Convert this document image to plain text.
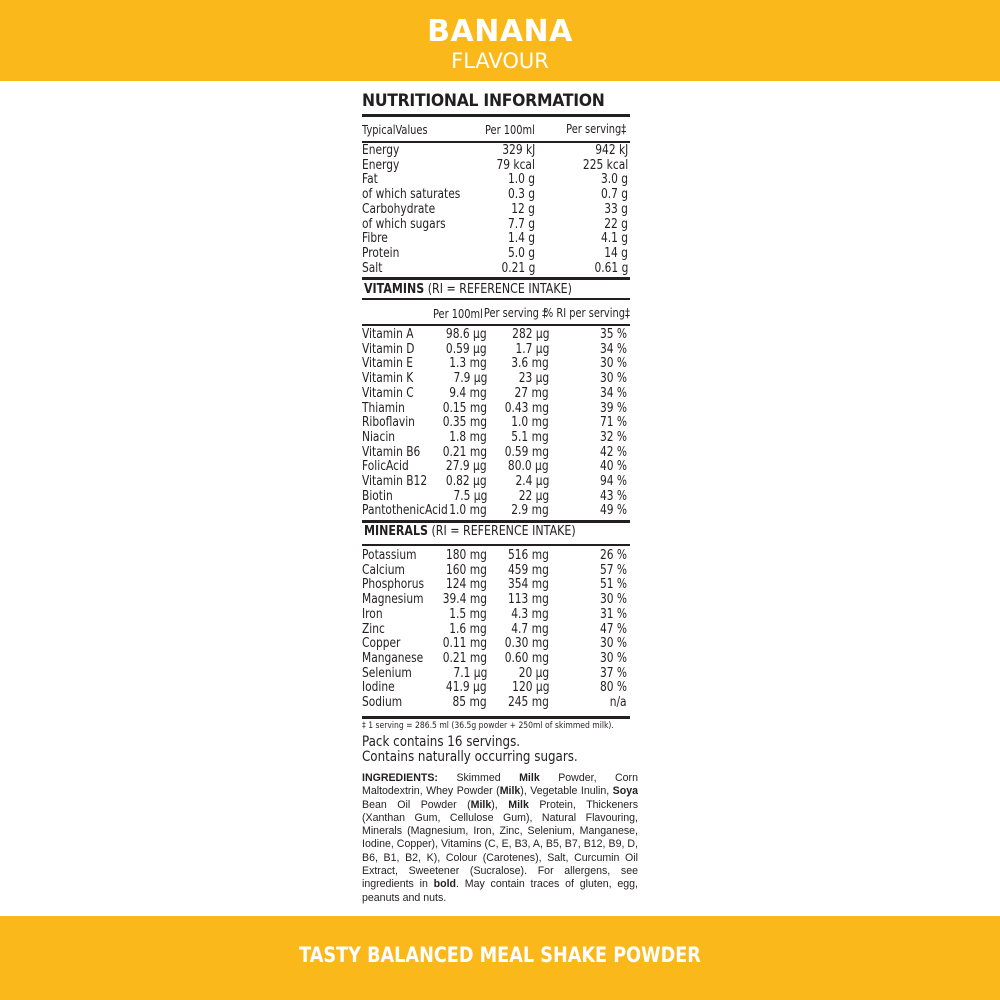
BANANA
FLAVOUR
NUTRITIONAL INFORMATION
TypicalValues	Per 100ml	Per serving‡
Energy	329 kJ	942 kJ
Energy	79 kcal	225 kcal
Fat	1.0 g	3.0 g
of which saturates	0.3 g	0.7 g
Carbohydrate	12 g	33 g
of which sugars	7.7 g	22 g
Fibre	1.4 g	4.1 g
Protein	5.0 g	14 g
Salt	0.21 g	0.61 g
VITAMINS (RI = REFERENCE INTAKE)
Per 100ml Per serving ‡
% RI per serving‡
Vitamin A	98.6 µg 282 µg	35 %
Vitamin D 0.59 µg 1.7 µg	34 %
Vitamin E	1.3 mg 3.6 mg	30 %
Vitamin K	7.9 µg 23 µg	30 %
Vitamin C	9.4 mg 27 mg	34 %
Thiamin	0.15 mg 0.43 mg	39 %
Riboflavin 0.35 mg 1.0 mg	71 %
Niacin	1.8 mg 5.1 mg	32 %
Vitamin B6 0.21 mg 0.59 mg	42 %
FolicAcid	27.9 µg 80.0 µg	40 %
Vitamin B12 0.82 µg 2.4 µg	94 %
Biotin	7.5 µg 22 µg	43 %
PantothenicAcid 1.0 mg 2.9 mg	49 %
MINERALS (RI = REFERENCE INTAKE)
Potassium 180 mg 516 mg	26 %
Calcium	160 mg 459 mg	57 %
Phosphorus 124 mg 354 mg	51 %
Magnesium 39.4 mg 113 mg	30 %
Iron	1.5 mg 4.3 mg	31 %
Zinc	1.6 mg 4.7 mg	47 %
Copper	0.11 mg 0.30 mg	30 %
Manganese 0.21 mg 0.60 mg	30 %
Selenium	7.1 µg 20 µg	37 %
Iodine	41.9 µg 120 µg	80 %
Sodium	85 mg 245 mg	n/a
‡ 1 serving = 286.5 ml (36.5g powder + 250ml of skimmed milk).
Pack contains 16 servings.
Contains naturally occurring sugars.
INGREDIENTS: Skimmed Milk Powder, Corn Maltodextrin, Whey Powder (Milk), Vegetable Inulin, Soya Bean Oil Powder (Milk), Milk Protein, Thickeners (Xanthan Gum, Cellulose Gum), Natural Flavouring, Minerals (Magnesium, Iron, Zinc, Selenium, Manganese, Iodine, Copper), Vitamins (C, E, B3, A, B5, B7, B12, B9, D, B6, B1, B2, K), Colour (Carotenes), Salt, Curcumin Oil Extract, Sweetener (Sucralose). For allergens, see ingredients in bold. May contain traces of gluten, egg, peanuts and nuts.
TASTY BALANCED MEAL SHAKE POWDER
